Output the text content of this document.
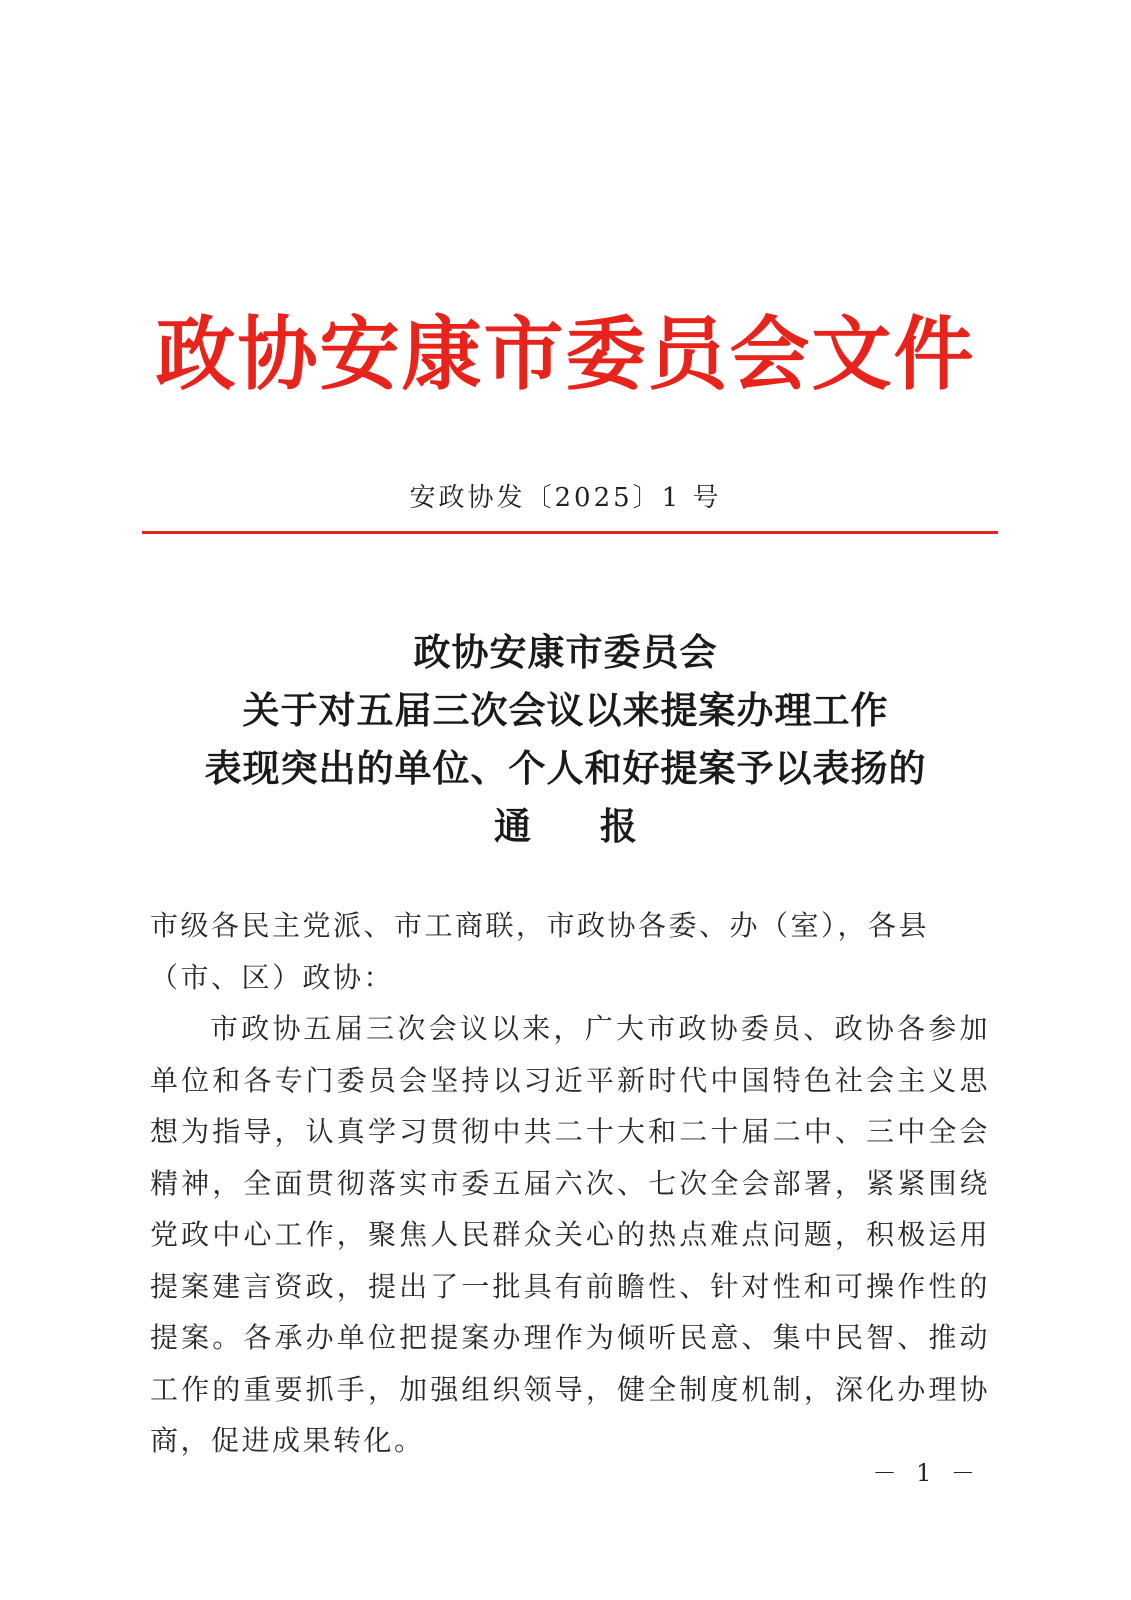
政协安康市委员会文件
安政协发〔2025〕1 号
政协安康市委员会
关于对五届三次会议以来提案办理工作
表现突出的单位、个人和好提案予以表扬的
通 报

市级各民主党派、市工商联，市政协各委、办（室），各县（市、区）政协：

市政协五届三次会议以来，广大市政协委员、政协各参加单位和各专门委员会坚持以习近平新时代中国特色社会主义思想为指导，认真学习贯彻中共二十大和二十届二中、三中全会精神，全面贯彻落实市委五届六次、七次全会部署，紧紧围绕党政中心工作，聚焦人民群众关心的热点难点问题，积极运用提案建言资政，提出了一批具有前瞻性、针对性和可操作性的提案。各承办单位把提案办理作为倾听民意、集中民智、推动工作的重要抓手，加强组织领导，健全制度机制，深化办理协商，促进成果转化。

－ 1 －
